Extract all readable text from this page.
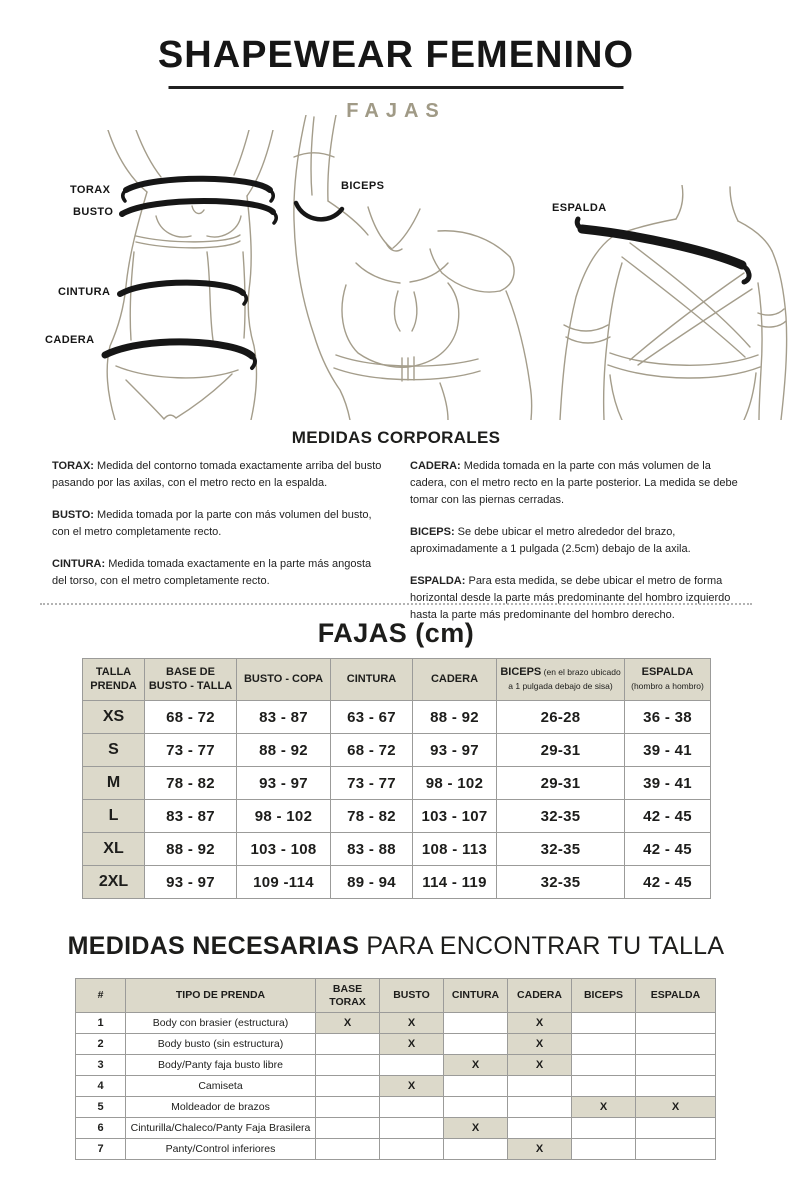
SHAPEWEAR FEMENINO
FAJAS
TORAX
BUSTO
CINTURA
CADERA
BICEPS
ESPALDA
MEDIDAS CORPORALES

TORAX: Medida del contorno tomada exactamente arriba del busto pasando por las axilas, con el metro recto en la espalda.

BUSTO: Medida tomada por la parte con más volumen del busto, con el metro completamente recto.

CINTURA: Medida tomada exactamente en la parte más angosta del torso, con el metro completamente recto.

CADERA: Medida tomada en la parte con más volumen de la cadera, con el metro recto en la parte posterior. La medida se debe tomar con las piernas cerradas.

BICEPS: Se debe ubicar el metro alrededor del brazo, aproximadamente a 1 pulgada (2.5cm) debajo de la axila.

ESPALDA: Para esta medida, se debe ubicar el metro de forma horizontal desde la parte más predominante del hombro izquierdo hasta la parte más predominante del hombro derecho.

FAJAS (cm)
TALLA PRENDA	BASE DE BUSTO - TALLA	BUSTO - COPA	CINTURA	CADERA	BICEPS (en el brazo ubicado a 1 pulgada debajo de sisa)	ESPALDA (hombro a hombro)
XS	68 - 72	83 - 87	63 - 67	88 - 92	26-28	36 - 38
S	73 - 77	88 - 92	68 - 72	93 - 97	29-31	39 - 41
M	78 - 82	93 - 97	73 - 77	98 - 102	29-31	39 - 41
L	83 - 87	98 - 102	78 - 82	103 - 107	32-35	42 - 45
XL	88 - 92	103 - 108	83 - 88	108 - 113	32-35	42 - 45
2XL	93 - 97	109 -114	89 - 94	114 - 119	32-35	42 - 45
MEDIDAS NECESARIAS PARA ENCONTRAR TU TALLA
#	TIPO DE PRENDA	BASE TORAX	BUSTO	CINTURA	CADERA	BICEPS	ESPALDA
1	Body con brasier (estructura)	X	X		X		
2	Body busto (sin estructura)		X		X		
3	Body/Panty faja busto libre			X	X		
4	Camiseta		X				
5	Moldeador de brazos					X	X
6	Cinturilla/Chaleco/Panty Faja Brasilera			X			
7	Panty/Control inferiores				X		
